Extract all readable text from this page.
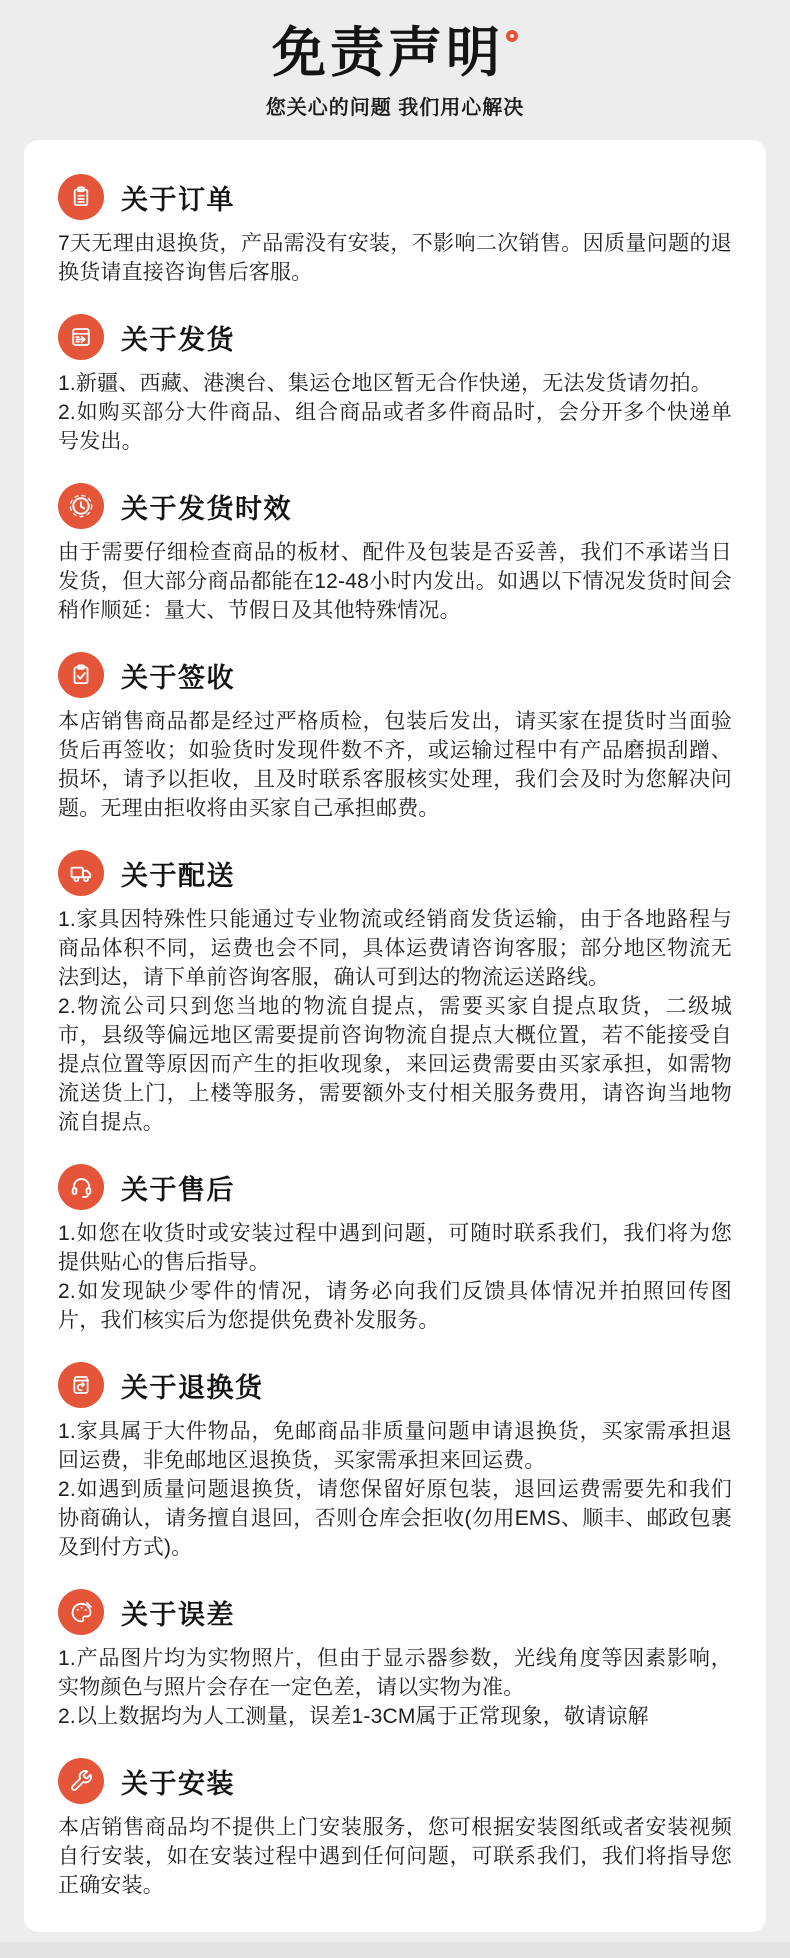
免责声明
您关心的问题 我们用心解决
关于订单

7天无理由退换货，产品需没有安装，不影响二次销售。因质量问题的退换货请直接咨询售后客服。

关于发货

1.新疆、西藏、港澳台、集运仓地区暂无合作快递，无法发货请勿拍。

2.如购买部分大件商品、组合商品或者多件商品时，会分开多个快递单号发出。

关于发货时效

由于需要仔细检查商品的板材、配件及包装是否妥善，我们不承诺当日发货，但大部分商品都能在12-48小时内发出。如遇以下情况发货时间会稍作顺延：量大、节假日及其他特殊情况。

关于签收

本店销售商品都是经过严格质检，包装后发出，请买家在提货时当面验货后再签收；如验货时发现件数不齐，或运输过程中有产品磨损刮蹭、损坏，请予以拒收，且及时联系客服核实处理，我们会及时为您解决问题。无理由拒收将由买家自己承担邮费。

关于配送

1.家具因特殊性只能通过专业物流或经销商发货运输，由于各地路程与商品体积不同，运费也会不同，具体运费请咨询客服；部分地区物流无法到达，请下单前咨询客服，确认可到达的物流运送路线。

2.物流公司只到您当地的物流自提点，需要买家自提点取货，二级城市，县级等偏远地区需要提前咨询物流自提点大概位置，若不能接受自提点位置等原因而产生的拒收现象，来回运费需要由买家承担，如需物流送货上门，上楼等服务，需要额外支付相关服务费用，请咨询当地物流自提点。

关于售后

1.如您在收货时或安装过程中遇到问题，可随时联系我们，我们将为您提供贴心的售后指导。

2.如发现缺少零件的情况，请务必向我们反馈具体情况并拍照回传图片，我们核实后为您提供免费补发服务。

关于退换货

1.家具属于大件物品，免邮商品非质量问题申请退换货，买家需承担退回运费，非免邮地区退换货，买家需承担来回运费。

2.如遇到质量问题退换货，请您保留好原包装，退回运费需要先和我们协商确认，请务擅自退回，否则仓库会拒收(勿用EMS、顺丰、邮政包裹及到付方式)。

关于误差

1.产品图片均为实物照片，但由于显示器参数，光线角度等因素影响，实物颜色与照片会存在一定色差，请以实物为准。

2.以上数据均为人工测量，误差1-3CM属于正常现象，敬请谅解

关于安装

本店销售商品均不提供上门安装服务，您可根据安装图纸或者安装视频自行安装，如在安装过程中遇到任何问题，可联系我们，我们将指导您正确安装。
